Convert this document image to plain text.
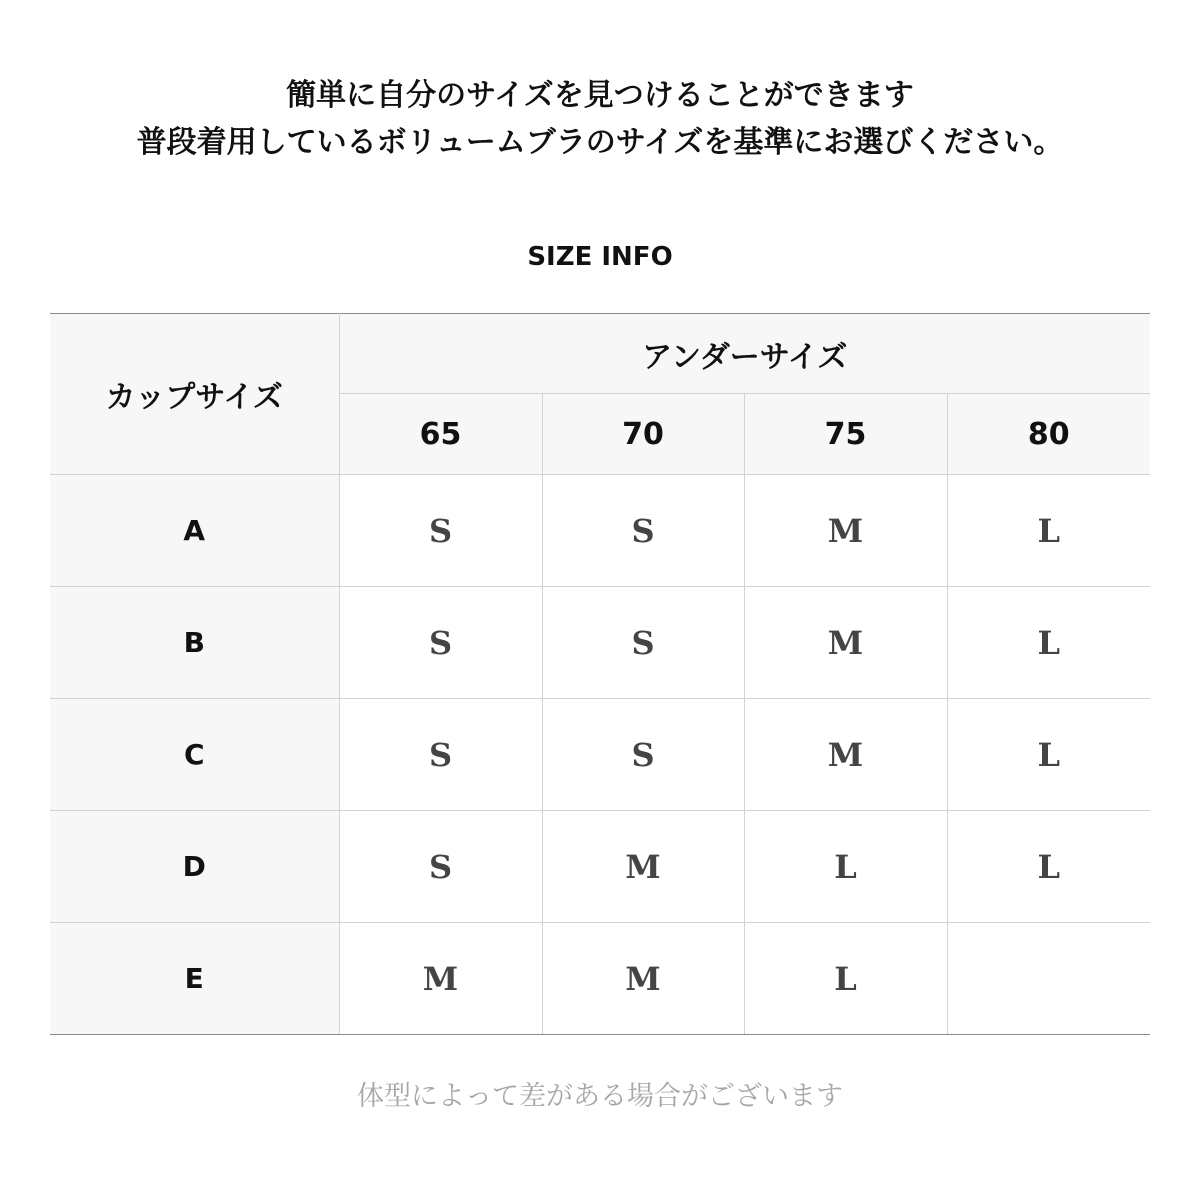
簡単に自分のサイズを見つけることができます
普段着用しているボリュームブラのサイズを基準にお選びください。
SIZE INFO
カップサイズ	アンダーサイズ			
	65	70	75	80
A	S	S	M	L
B	S	S	M	L
C	S	S	M	L
D	S	M	L	L
E	M	M	L	
体型によって差がある場合がございます
